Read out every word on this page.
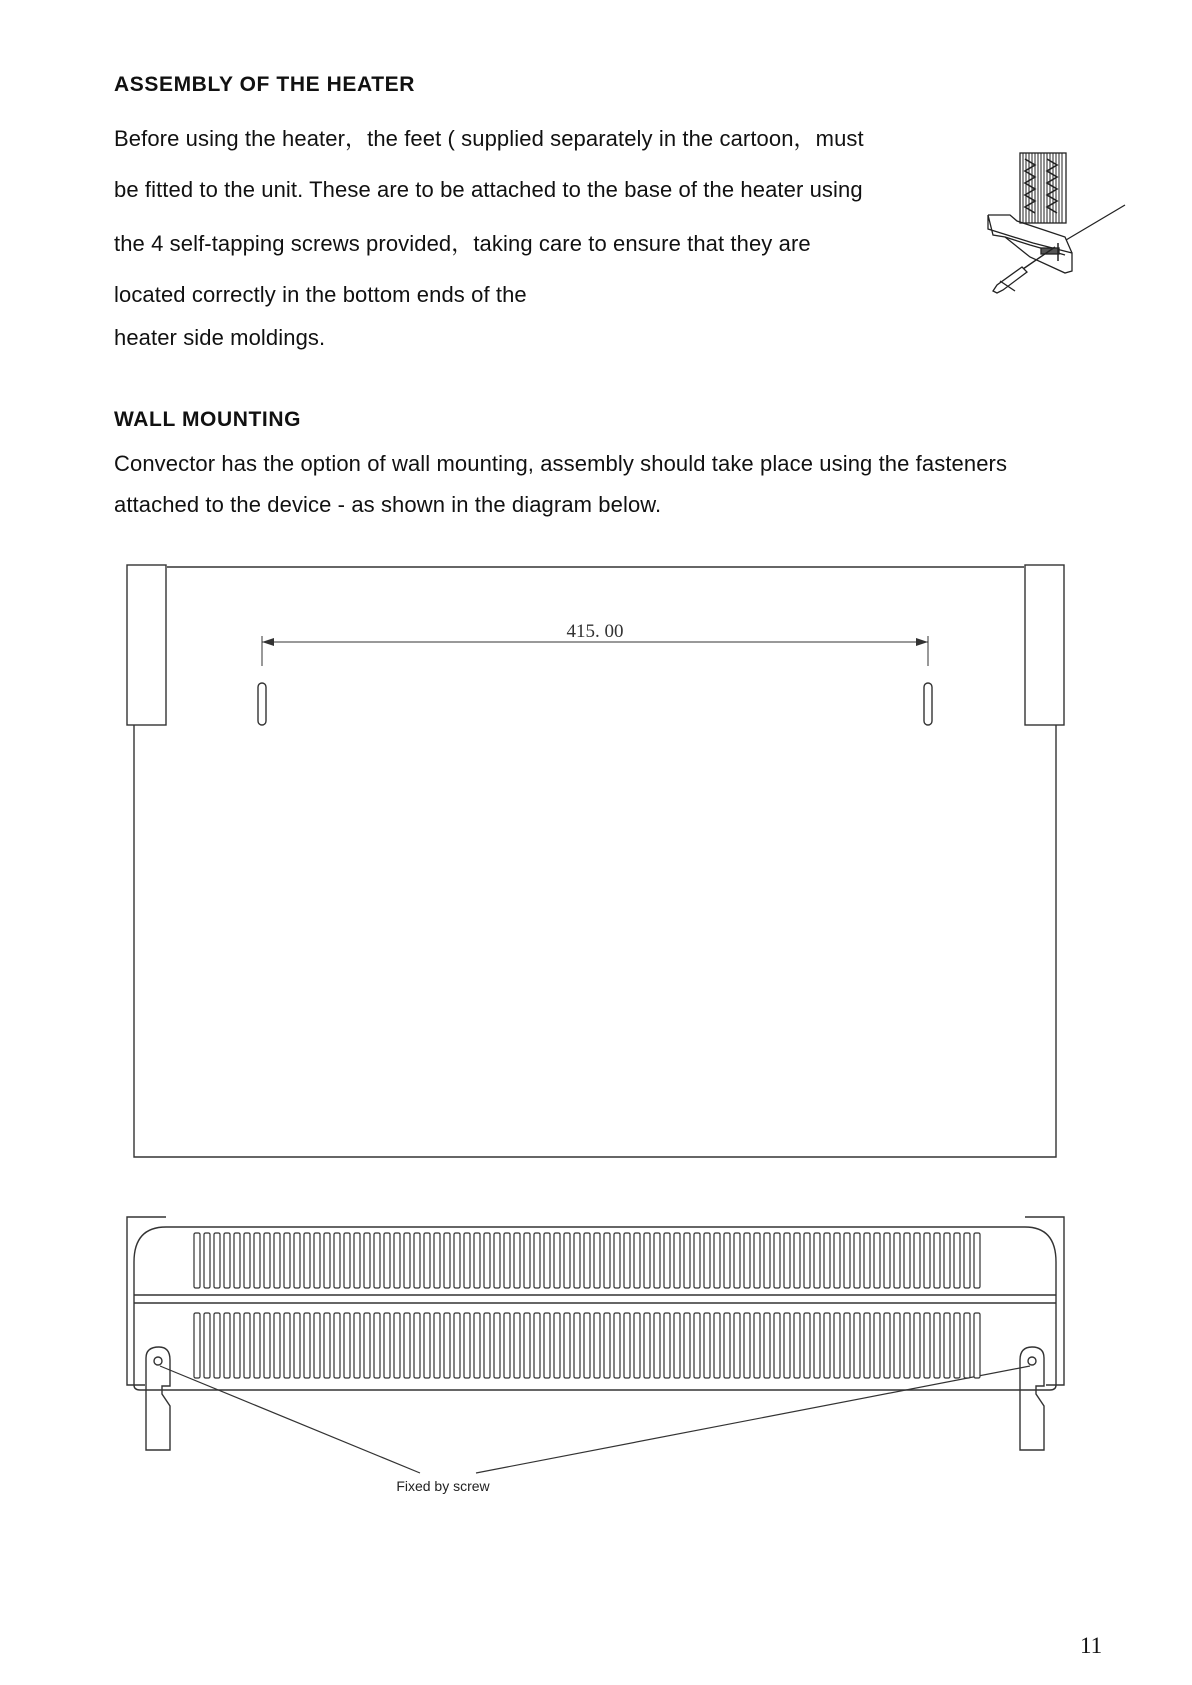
ASSEMBLY OF THE HEATER
Before using the heater，the feet ( supplied separately in the cartoon，must
be fitted to the unit. These are to be attached to the base of the heater using
the 4 self-tapping screws provided，taking care to ensure that they are
located correctly in the bottom ends of the
heater side moldings.
WALL MOUNTING
Convector has the option of wall mounting, assembly should take place using the fasteners
attached to the device - as shown in the diagram below.
415. 00
Fixed by screw
11
